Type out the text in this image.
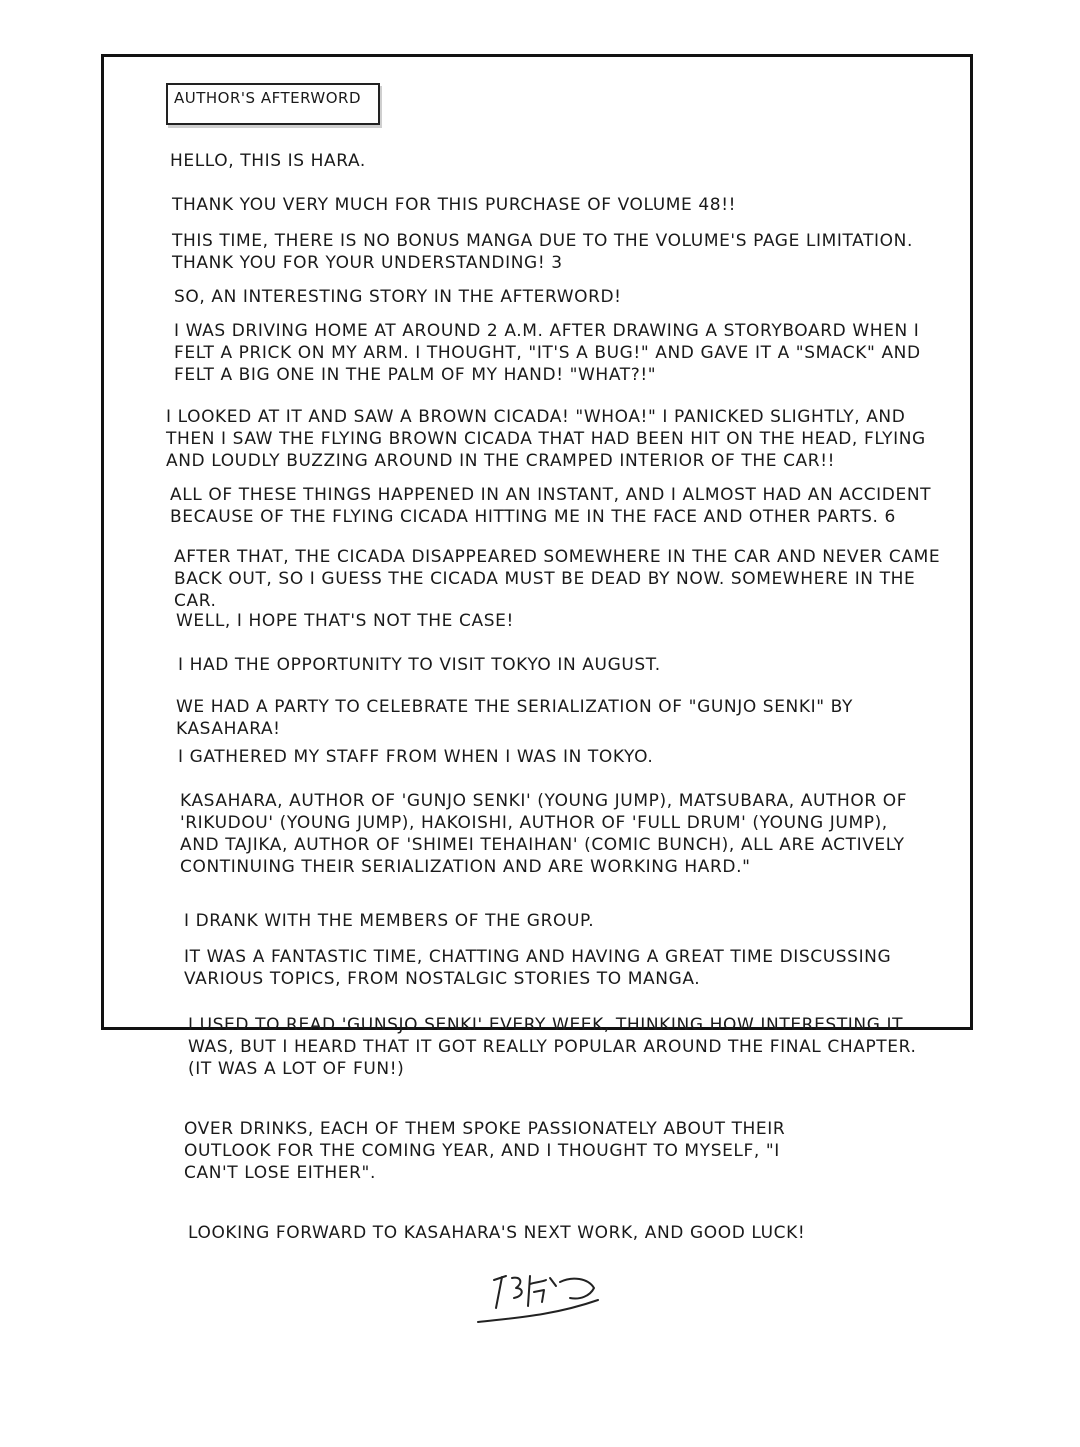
AUTHOR'S AFTERWORD

HELLO, THIS IS HARA.

THANK YOU VERY MUCH FOR THIS PURCHASE OF VOLUME 48!!

THIS TIME, THERE IS NO BONUS MANGA DUE TO THE VOLUME'S PAGE LIMITATION.
THANK YOU FOR YOUR UNDERSTANDING! 3

SO, AN INTERESTING STORY IN THE AFTERWORD!

I WAS DRIVING HOME AT AROUND 2 A.M. AFTER DRAWING A STORYBOARD WHEN I
FELT A PRICK ON MY ARM. I THOUGHT, "IT'S A BUG!" AND GAVE IT A "SMACK" AND
FELT A BIG ONE IN THE PALM OF MY HAND! "WHAT?!"

I LOOKED AT IT AND SAW A BROWN CICADA! "WHOA!" I PANICKED SLIGHTLY, AND
THEN I SAW THE FLYING BROWN CICADA THAT HAD BEEN HIT ON THE HEAD, FLYING
AND LOUDLY BUZZING AROUND IN THE CRAMPED INTERIOR OF THE CAR!!

ALL OF THESE THINGS HAPPENED IN AN INSTANT, AND I ALMOST HAD AN ACCIDENT
BECAUSE OF THE FLYING CICADA HITTING ME IN THE FACE AND OTHER PARTS. 6

AFTER THAT, THE CICADA DISAPPEARED SOMEWHERE IN THE CAR AND NEVER CAME
BACK OUT, SO I GUESS THE CICADA MUST BE DEAD BY NOW. SOMEWHERE IN THE
CAR.

WELL, I HOPE THAT'S NOT THE CASE!

I HAD THE OPPORTUNITY TO VISIT TOKYO IN AUGUST.

WE HAD A PARTY TO CELEBRATE THE SERIALIZATION OF "GUNJO SENKI" BY
KASAHARA!

I GATHERED MY STAFF FROM WHEN I WAS IN TOKYO.

KASAHARA, AUTHOR OF 'GUNJO SENKI' (YOUNG JUMP), MATSUBARA, AUTHOR OF
'RIKUDOU' (YOUNG JUMP), HAKOISHI, AUTHOR OF 'FULL DRUM' (YOUNG JUMP),
AND TAJIKA, AUTHOR OF 'SHIMEI TEHAIHAN' (COMIC BUNCH), ALL ARE ACTIVELY
CONTINUING THEIR SERIALIZATION AND ARE WORKING HARD."

I DRANK WITH THE MEMBERS OF THE GROUP.

IT WAS A FANTASTIC TIME, CHATTING AND HAVING A GREAT TIME DISCUSSING
VARIOUS TOPICS, FROM NOSTALGIC STORIES TO MANGA.

I USED TO READ 'GUNSJO SENKI' EVERY WEEK, THINKING HOW INTERESTING IT
WAS, BUT I HEARD THAT IT GOT REALLY POPULAR AROUND THE FINAL CHAPTER.
(IT WAS A LOT OF FUN!)

OVER DRINKS, EACH OF THEM SPOKE PASSIONATELY ABOUT THEIR
OUTLOOK FOR THE COMING YEAR, AND I THOUGHT TO MYSELF, "I
CAN'T LOSE EITHER".

LOOKING FORWARD TO KASAHARA'S NEXT WORK, AND GOOD LUCK!
